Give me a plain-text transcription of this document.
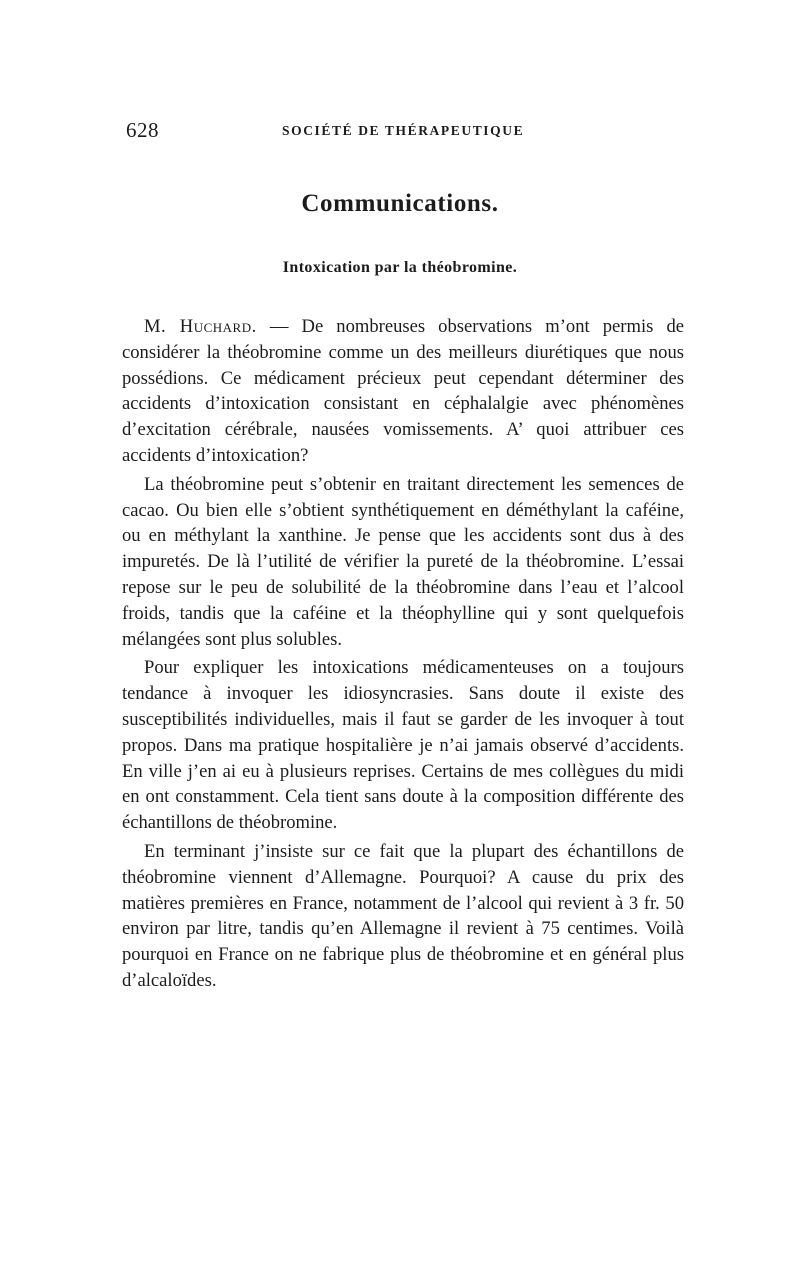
628	SOCIÉTÉ DE THÉRAPEUTIQUE
Communications.
Intoxication par la théobromine.

M. Huchard. — De nombreuses observations m’ont permis de considérer la théobromine comme un des meilleurs diurétiques que nous possédions. Ce médicament précieux peut cependant déterminer des accidents d’intoxication consistant en céphalalgie avec phénomènes d’excitation cérébrale, nausées vomissements. A’ quoi attribuer ces accidents d’intoxication?

La théobromine peut s’obtenir en traitant directement les semences de cacao. Ou bien elle s’obtient synthétiquement en déméthylant la caféine, ou en méthylant la xanthine. Je pense que les accidents sont dus à des impuretés. De là l’utilité de vérifier la pureté de la théobromine. L’essai repose sur le peu de solubilité de la théobromine dans l’eau et l’alcool froids, tandis que la caféine et la théophylline qui y sont quelquefois mélangées sont plus solubles.

Pour expliquer les intoxications médicamenteuses on a toujours tendance à invoquer les idiosyncrasies. Sans doute il existe des susceptibilités individuelles, mais il faut se garder de les invoquer à tout propos. Dans ma pratique hospitalière je n’ai jamais observé d’accidents. En ville j’en ai eu à plusieurs reprises. Certains de mes collègues du midi en ont constamment. Cela tient sans doute à la composition différente des échantillons de théobromine.

En terminant j’insiste sur ce fait que la plupart des échantillons de théobromine viennent d’Allemagne. Pourquoi? A cause du prix des matières premières en France, notamment de l’alcool qui revient à 3 fr. 50 environ par litre, tandis qu’en Allemagne il revient à 75 centimes. Voilà pourquoi en France on ne fabrique plus de théobromine et en général plus d’alcaloïdes.
